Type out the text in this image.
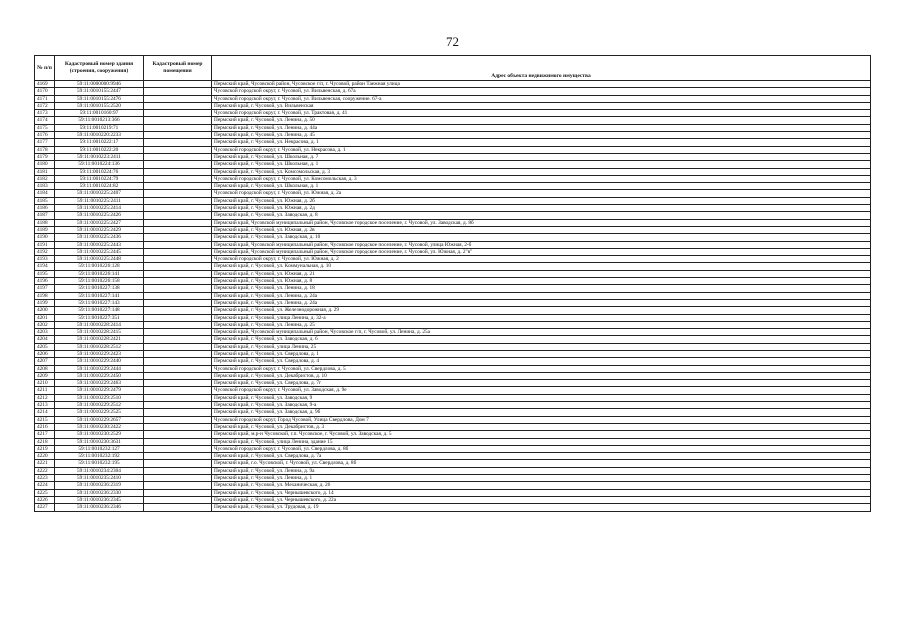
72
№ п/п	Кадастровый номер здания (строения, сооружения)	Кадастровый номер помещения	Адрес объекта недвижимого имущества
4169	59:11:0000000:9946		Пермский край, Чусовской район, Чусовское г/п, г. Чусовой, район Таежная улица
4170	59:11:0010155:2447		Чусовской городской округ, г. Чусовой, ул. Вильвенская, д. 67а
4171	59:11:0010155:2476		Чусовской городской округ, г. Чусовой, ул. Вильвенская, сооружение. 67-а
4172	59:11:0010155:2520		Пермский край, г. Чусовой, ул. Вильвенская
4173	59:11:0010160:97		Чусовской городской округ, г. Чусовой, ул. Трактовая, д. 41
4174	59:11:0010213:366		Пермский край, г. Чусовой, ул. Ленина, д. 50
4175	59:11:0010219:71		Пермский край, г. Чусовой, ул. Ленина, д. 44а
4176	59:11:0010220:2233		Пермский край, г. Чусовой, ул. Ленина, д. 45
4177	59:11:0010222:17		Пермский край, г. Чусовой, ул. Некрасова, д. 1
4178	59:11:0010222:20		Чусовской городской округ, г. Чусовой, ул. Некрасова, д. 1
4179	59:11:0010223:2411		Пермский край, г. Чусовой, ул. Школьная, д. 7
4180	59:11:0010224:136		Пермский край, г. Чусовой, ул. Школьная, д. 1
4181	59:11:0010224:76		Пермский край, г. Чусовой, ул. Комсомольская, д. 3
4182	59:11:0010224:79		Чусовской городской округ, г. Чусовой, ул. Комсомольская, д. 3
4183	59:11:0010224:82		Пермский край, г. Чусовой, ул. Школьная, д. 1
4184	59:11:0010225:2407		Чусовской городской округ, г. Чусовой, ул. Южная, д. 2а
4185	59:11:0010225:2411		Пермский край, г. Чусовой, ул. Южная, д. 2б
4186	59:11:0010225:2414		Пермский край, г. Чусовой, ул. Южная, д. 2д
4187	59:11:0010225:2426		Пермский край, г. Чусовой, ул. Заводская, д. 8
4188	59:11:0010225:2427		Пермский край, Чусовской муниципальный район, Чусовское городское поселение, г. Чусовой, ул. Заводская, д. 8б
4189	59:11:0010225:2429		Пермский край, г. Чусовой, ул. Южная, д. 2в
4190	59:11:0010225:2436		Пермский край, г. Чусовой, ул. Заводская, д. 10
4191	59:11:0010225:2443		Пермский край, Чусовской муниципальный район, Чусовское городское поселение, г. Чусовой, улица Южная, 2-б
4192	59:11:0010225:2445		Пермский край, Чусовской муниципальный район, Чусовское городское поселение, г. Чусовой, ул. Южная, д. 2"в"
4193	59:11:0010225:2448		Чусовской городской округ, г. Чусовой, ул. Южная, д. 2
4194	59:11:0010226:128		Пермский край, г. Чусовой, ул. Коммунальная, д. 10
4195	59:11:0010226:141		Пермский край, г. Чусовой, ул. Южная, д. 21
4196	59:11:0010226:158		Пермский край, г. Чусовой, ул. Южная, д. 8
4197	59:11:0010227:138		Пермский край, г. Чусовой, ул. Ленина, д. 18
4198	59:11:0010227:141		Пермский край, г. Чусовой, ул. Ленина, д. 24а
4199	59:11:0010227:143		Пермский край, г. Чусовой, ул. Ленина, д. 24а
4200	59:11:0010227:148		Пермский край, г. Чусовой, ул. Железнодорожная, д. 29
4201	59:11:0010227:351		Пермский край, г. Чусовой, улица Ленина, д. 32-а
4202	59:11:0010228:2414		Пермский край, г. Чусовой, ул. Ленина, д. 25
4203	59:11:0010228:2415		Пермский край, Чусовской муниципальный район, Чусовское г/п, г. Чусовой, ул. Ленина, д. 25а
4204	59:11:0010228:2421		Пермский край, г. Чусовой, ул. Заводская, д. 6
4205	59:11:0010228:2512		Пермский край, г. Чусовой, улица Ленина, 25
4206	59:11:0010229:2423		Пермский край, г. Чусовой, ул. Свердлова, д. 1
4207	59:11:0010229:2440		Пермский край, г. Чусовой, ул. Свердлова, д. 4
4208	59:11:0010229:2444		Чусовской городской округ, г. Чусовой, ул. Свердлова, д. 5
4209	59:11:0010229:2450		Пермский край, г. Чусовой, ул. Декабристов, д. 10
4210	59:11:0010229:2463		Пермский край, г. Чусовой, ул. Свердлова, д. 7г
4211	59:11:0010229:2479		Чусовской городской округ, г. Чусовой, ул. Заводская, д. 9е
4212	59:11:0010229:2510		Пермский край, г. Чусовой, ул. Заводская, 9
4213	59:11:0010229:2512		Пермский край, г. Чусовой, ул. Заводская, 9-а
4214	59:11:0010229:2525		Пермский край, г. Чусовой, ул. Заводская, д. 9б
4215	59:11:0010229:2657		Чусовской городской округ, Город Чусовой, Улица Свердлова, Дом 7
4216	59:11:0010230:2422		Пермский край, г. Чусовой, ул. Декабристов, д. 3
4217	59:11:0010230:2529		Пермский край, м.р-н Чусовской, г.п. Чусовское, г. Чусовой, ул. Заводская, д. 5
4218	59:11:0010230:3631		Пермский край, г. Чусовой, улица Ленина, здание 15
4219	59:11:0010232:127		Чусовской городской округ, г. Чусовой, ул. Свердлова, д. 8б
4220	59:11:0010232:192		Пермский край, г. Чусовой, ул. Свердлова, д. 7а
4221	59:11:0010232:195		Пермский край, г.о. Чусовской, г. Чусовой, ул. Свердлова, д. 8б
4222	59:11:0010234:2304		Пермский край, г. Чусовой, ул. Ленина, д. 9а
4223	59:11:0010235:2410		Пермский край, г. Чусовой, ул. Ленина, д. 1
4224	59:11:0010236:2319		Пермский край, г. Чусовой, ул. Механическая, д. 26
4225	59:11:0010236:2330		Пермский край, г. Чусовой, ул. Чернышевского, д. 14
4226	59:11:0010236:2345		Пермский край, г. Чусовой, ул. Чернышевского, д. 22а
4227	59:11:0010236:2346		Пермский край, г. Чусовой, ул. Трудовая, д. 19
